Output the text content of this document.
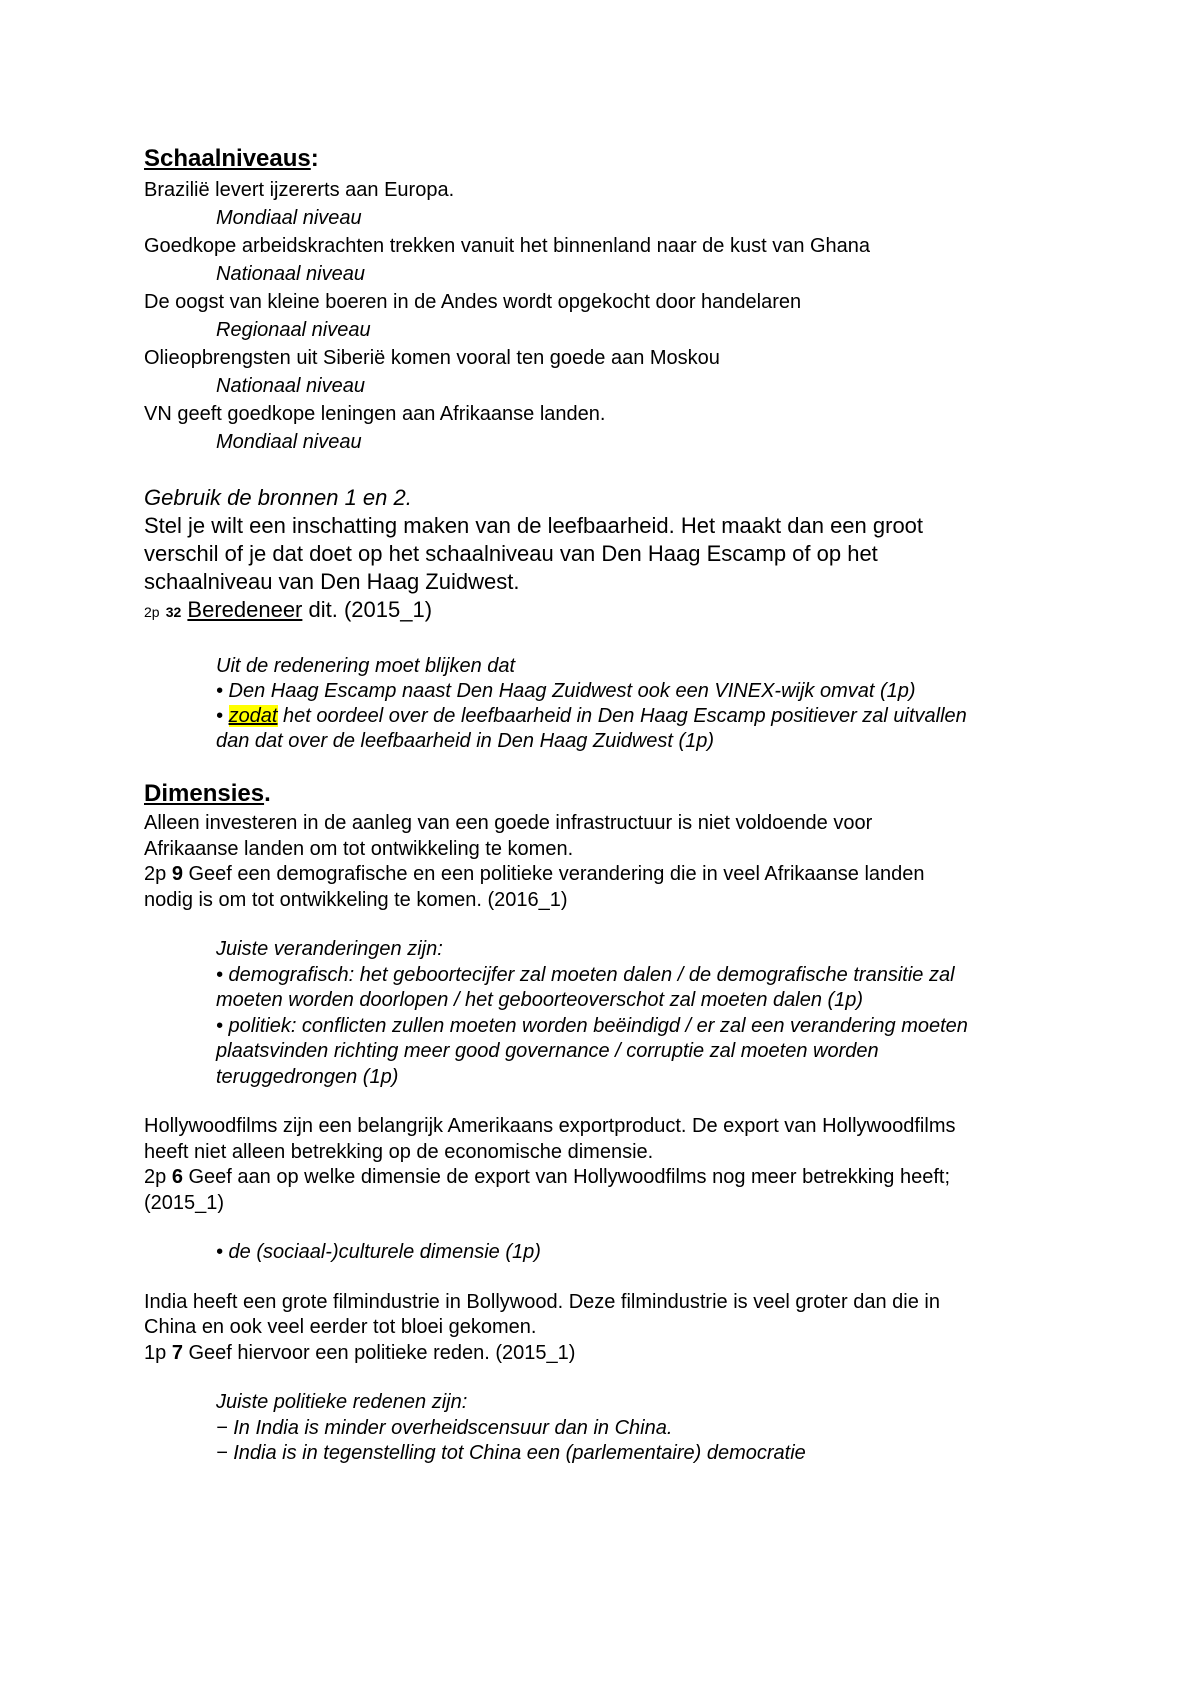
Schaalniveaus:
Brazilië levert ijzererts aan Europa.
Mondiaal niveau
Goedkope arbeidskrachten trekken vanuit het binnenland naar de kust van Ghana
Nationaal niveau
De oogst van kleine boeren in de Andes wordt opgekocht door handelaren
Regionaal niveau
Olieopbrengsten uit Siberië komen vooral ten goede aan Moskou
Nationaal niveau
VN geeft goedkope leningen aan Afrikaanse landen.
Mondiaal niveau
Gebruik de bronnen 1 en 2.
Stel je wilt een inschatting maken van de leefbaarheid. Het maakt dan een groot
verschil of je dat doet op het schaalniveau van Den Haag Escamp of op het
schaalniveau van Den Haag Zuidwest.
2p 32 Beredeneer dit. (2015_1)
Uit de redenering moet blijken dat
• Den Haag Escamp naast Den Haag Zuidwest ook een VINEX-wijk omvat (1p)
• zodat het oordeel over de leefbaarheid in Den Haag Escamp positiever zal uitvallen
dan dat over de leefbaarheid in Den Haag Zuidwest (1p)
Dimensies.
Alleen investeren in de aanleg van een goede infrastructuur is niet voldoende voor
Afrikaanse landen om tot ontwikkeling te komen.
2p 9 Geef een demografische en een politieke verandering die in veel Afrikaanse landen
nodig is om tot ontwikkeling te komen. (2016_1)
Juiste veranderingen zijn:
• demografisch: het geboortecijfer zal moeten dalen / de demografische transitie zal
moeten worden doorlopen / het geboorteoverschot zal moeten dalen (1p)
• politiek: conflicten zullen moeten worden beëindigd / er zal een verandering moeten
plaatsvinden richting meer good governance / corruptie zal moeten worden
teruggedrongen (1p)
Hollywoodfilms zijn een belangrijk Amerikaans exportproduct. De export van Hollywoodfilms
heeft niet alleen betrekking op de economische dimensie.
2p 6 Geef aan op welke dimensie de export van Hollywoodfilms nog meer betrekking heeft;
(2015_1)
• de (sociaal-)culturele dimensie (1p)
India heeft een grote filmindustrie in Bollywood. Deze filmindustrie is veel groter dan die in
China en ook veel eerder tot bloei gekomen.
1p 7 Geef hiervoor een politieke reden. (2015_1)
Juiste politieke redenen zijn:
− In India is minder overheidscensuur dan in China.
− India is in tegenstelling tot China een (parlementaire) democratie
